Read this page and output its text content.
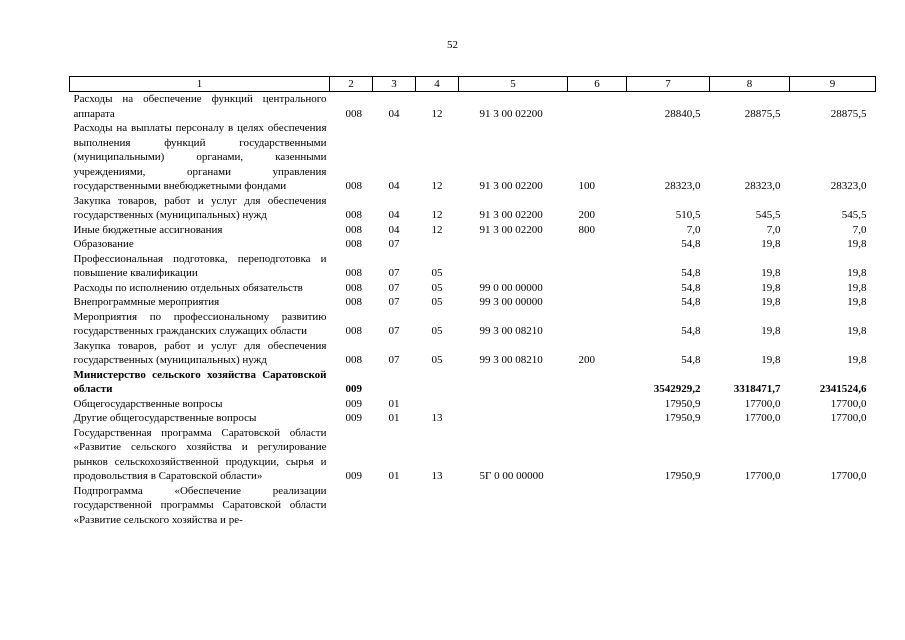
52
1	2	3	4	5	6	7	8	9
Расходы на обеспечение функций центрального аппарата	008	04	12	91 3 00 02200		28840,5	28875,5	28875,5
Расходы на выплаты персоналу в целях обеспечения выполнения функций государственными (муниципальными) органами, казенными учреждениями, органами управления государственными внебюджетными фондами	008	04	12	91 3 00 02200	100	28323,0	28323,0	28323,0
Закупка товаров, работ и услуг для обеспечения государственных (муниципальных) нужд	008	04	12	91 3 00 02200	200	510,5	545,5	545,5
Иные бюджетные ассигнования	008	04	12	91 3 00 02200	800	7,0	7,0	7,0
Образование	008	07				54,8	19,8	19,8
Профессиональная подготовка, переподготовка и повышение квалификации	008	07	05			54,8	19,8	19,8
Расходы по исполнению отдельных обязательств	008	07	05	99 0 00 00000		54,8	19,8	19,8
Внепрограммные мероприятия	008	07	05	99 3 00 00000		54,8	19,8	19,8
Мероприятия по профессиональному развитию государственных гражданских служащих области	008	07	05	99 3 00 08210		54,8	19,8	19,8
Закупка товаров, работ и услуг для обеспечения государственных (муниципальных) нужд	008	07	05	99 3 00 08210	200	54,8	19,8	19,8
Министерство сельского хозяйства Саратовской области	009					3542929,2	3318471,7	2341524,6
Общегосударственные вопросы	009	01				17950,9	17700,0	17700,0
Другие общегосударственные вопросы	009	01	13			17950,9	17700,0	17700,0
Государственная программа Саратовской области «Развитие сельского хозяйства и регулирование рынков сельскохозяйственной продукции, сырья и продовольствия в Саратовской области»	009	01	13	5Г 0 00 00000		17950,9	17700,0	17700,0
Подпрограмма «Обеспечение реализации государственной программы Саратовской области «Развитие сельского хозяйства и ре-								
